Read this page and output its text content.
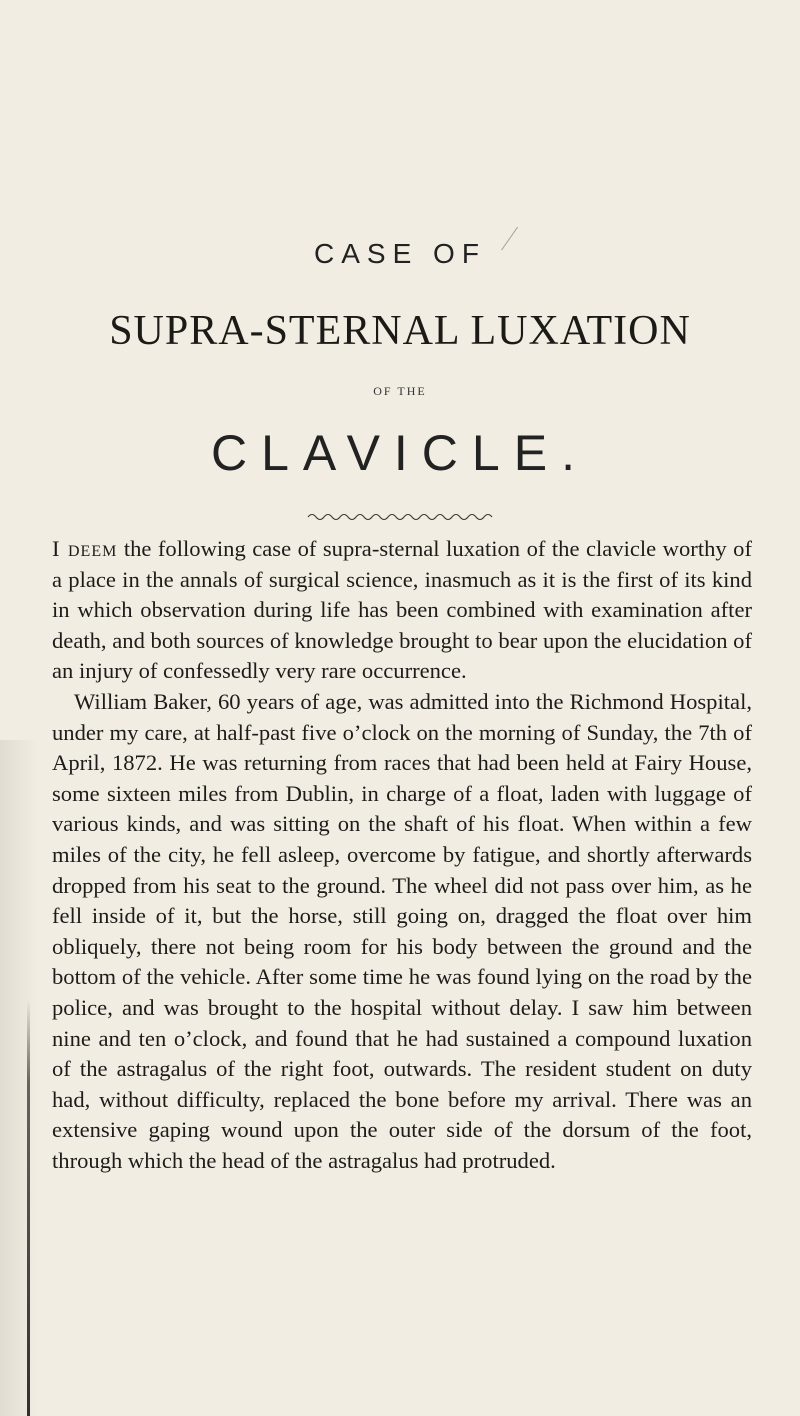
CASE OF
SUPRA-STERNAL LUXATION
OF THE
CLAVICLE.

I deem the following case of supra-sternal luxation of the clavicle worthy of a place in the annals of surgical science, inasmuch as it is the first of its kind in which observation during life has been combined with examination after death, and both sources of knowledge brought to bear upon the elucidation of an injury of confessedly very rare occurrence.

William Baker, 60 years of age, was admitted into the Richmond Hospital, under my care, at half-past five o’clock on the morning of Sunday, the 7th of April, 1872. He was returning from races that had been held at Fairy House, some sixteen miles from Dublin, in charge of a float, laden with luggage of various kinds, and was sitting on the shaft of his float. When within a few miles of the city, he fell asleep, overcome by fatigue, and shortly afterwards dropped from his seat to the ground. The wheel did not pass over him, as he fell inside of it, but the horse, still going on, dragged the float over him obliquely, there not being room for his body between the ground and the bottom of the vehicle. After some time he was found lying on the road by the police, and was brought to the hospital without delay. I saw him between nine and ten o’clock, and found that he had sustained a compound luxation of the astragalus of the right foot, outwards. The resident student on duty had, without difficulty, replaced the bone before my arrival. There was an extensive gaping wound upon the outer side of the dorsum of the foot, through which the head of the astragalus had protruded.
